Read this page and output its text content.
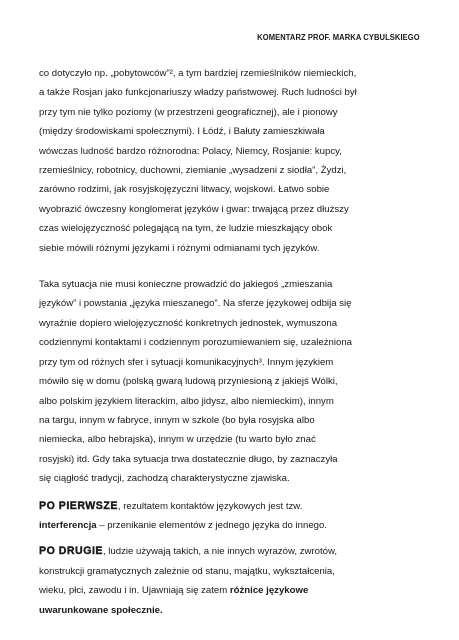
KOMENTARZ PROF. MARKA CYBULSKIEGO

co dotyczyło np. „pobytowców”², a tym bardziej rzemieślników niemieckich,
a także Rosjan jako funkcjonariuszy władzy państwowej. Ruch ludności był
przy tym nie tylko poziomy (w przestrzeni geograficznej), ale i pionowy
(między środowiskami społecznymi). I Łódź, i Bałuty zamieszkiwała
wówczas ludność bardzo różnorodna: Polacy, Niemcy, Rosjanie: kupcy,
rzemieślnicy, robotnicy, duchowni, ziemianie „wysadzeni z siodła”, Żydzi,
zarówno rodzimi, jak rosyjskojęzyczni litwacy, wojskowi. Łatwo sobie
wyobrazić ówczesny konglomerat języków i gwar: trwającą przez dłuższy
czas wielojęzyczność polegającą na tym, że ludzie mieszkający obok
siebie mówili różnymi językami i różnymi odmianami tych języków.

Taka sytuacja nie musi konieczne prowadzić do jakiegoś „zmieszania
języków” i powstania „języka mieszanego”. Na sferze językowej odbija się
wyraźnie dopiero wielojęzyczność konkretnych jednostek, wymuszona
codziennymi kontaktami i codziennym porozumiewaniem się, uzależniona
przy tym od różnych sfer i sytuacji komunikacyjnych³. Innym językiem
mówiło się w domu (polską gwarą ludową przyniesioną z jakiejś Wólki,
albo polskim językiem literackim, albo jidysz, albo niemieckim), innym
na targu, innym w fabryce, innym w szkole (bo była rosyjska albo
niemiecka, albo hebrajska), innym w urzędzie (tu warto było znać
rosyjski) itd. Gdy taka sytuacja trwa dostatecznie długo, by zaznaczyła
się ciągłość tradycji, zachodzą charakterystyczne zjawiska.

PO PIERWSZE, rezultatem kontaktów językowych jest tzw.
interferencja – przenikanie elementów z jednego języka do innego.

PO DRUGIE, ludzie używają takich, a nie innych wyrazów, zwrotów,
konstrukcji gramatycznych zależnie od stanu, majątku, wykształcenia,
wieku, płci, zawodu i in. Ujawniają się zatem różnice językowe
uwarunkowane społecznie.
